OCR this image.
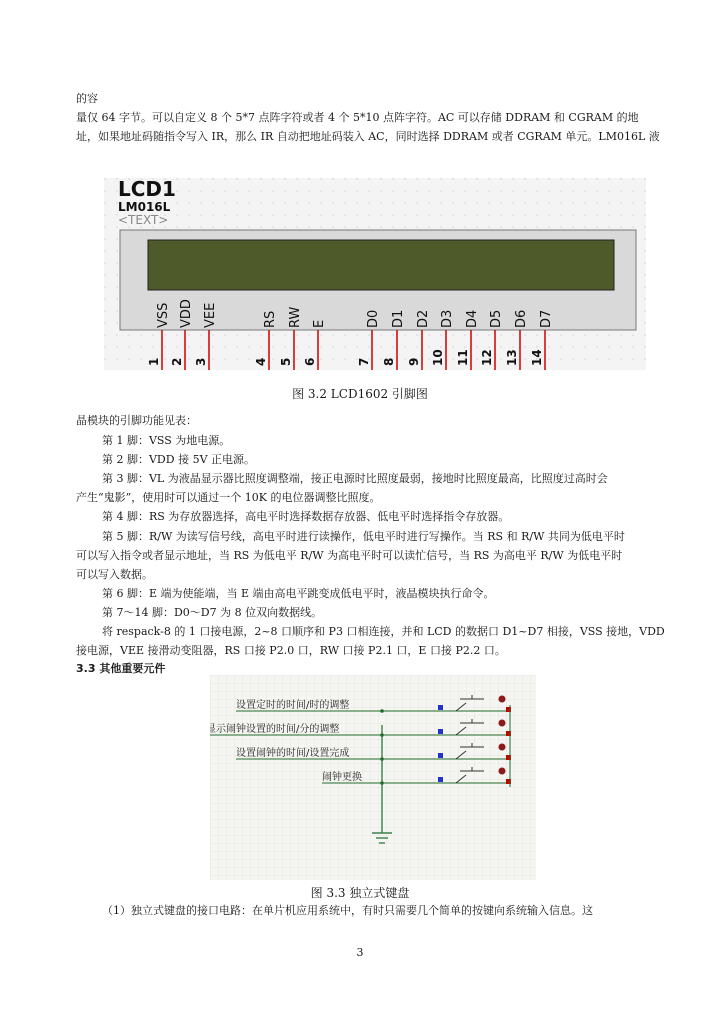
的容
量仅 64 字节。可以自定义 8 个 5*7 点阵字符或者 4 个 5*10 点阵字符。AC 可以存储 DDRAM 和 CGRAM 的地
址，如果地址码随指令写入 IR，那么 IR 自动把地址码装入 AC，同时选择 DDRAM 或者 CGRAM 单元。LM016L 液
LCD1
LM016L
<TEXT>
VSS
1
VDD
2
VEE
3
RS
4
RW
5
E
6
D0
7
D1
8
D2
9
D3
10
D4
11
D5
12
D6
13
D7
14
图 3.2 LCD1602 引脚图
晶模块的引脚功能见表：
第 1 脚：VSS 为地电源。
第 2 脚：VDD 接 5V 正电源。
第 3 脚：VL 为液晶显示器比照度调整端，接正电源时比照度最弱，接地时比照度最高，比照度过高时会
产生“鬼影”，使用时可以通过一个 10K 的电位器调整比照度。
第 4 脚：RS 为存放器选择，高电平时选择数据存放器、低电平时选择指令存放器。
第 5 脚：R/W 为读写信号线，高电平时进行读操作，低电平时进行写操作。当 RS 和 R/W 共同为低电平时
可以写入指令或者显示地址，当 RS 为低电平 R/W 为高电平时可以读忙信号，当 RS 为高电平 R/W 为低电平时
可以写入数据。
第 6 脚：E 端为使能端，当 E 端由高电平跳变成低电平时，液晶模块执行命令。
第 7～14 脚：D0～D7 为 8 位双向数据线。
将 respack-8 的 1 口接电源，2~8 口顺序和 P3 口相连接，并和 LCD 的数据口 D1~D7 相接，VSS 接地，VDD
接电源，VEE 接滑动变阻器，RS 口接 P2.0 口，RW 口接 P2.1 口，E 口接 P2.2 口。
3.3 其他重要元件
设置定时的时间/时的调整
显示闹钟设置的时间/分的调整
设置闹钟的时间/设置完成
闹钟更换
图 3.3 独立式键盘
（1）独立式键盘的接口电路：在单片机应用系统中，有时只需要几个简单的按键向系统输入信息。这
3
